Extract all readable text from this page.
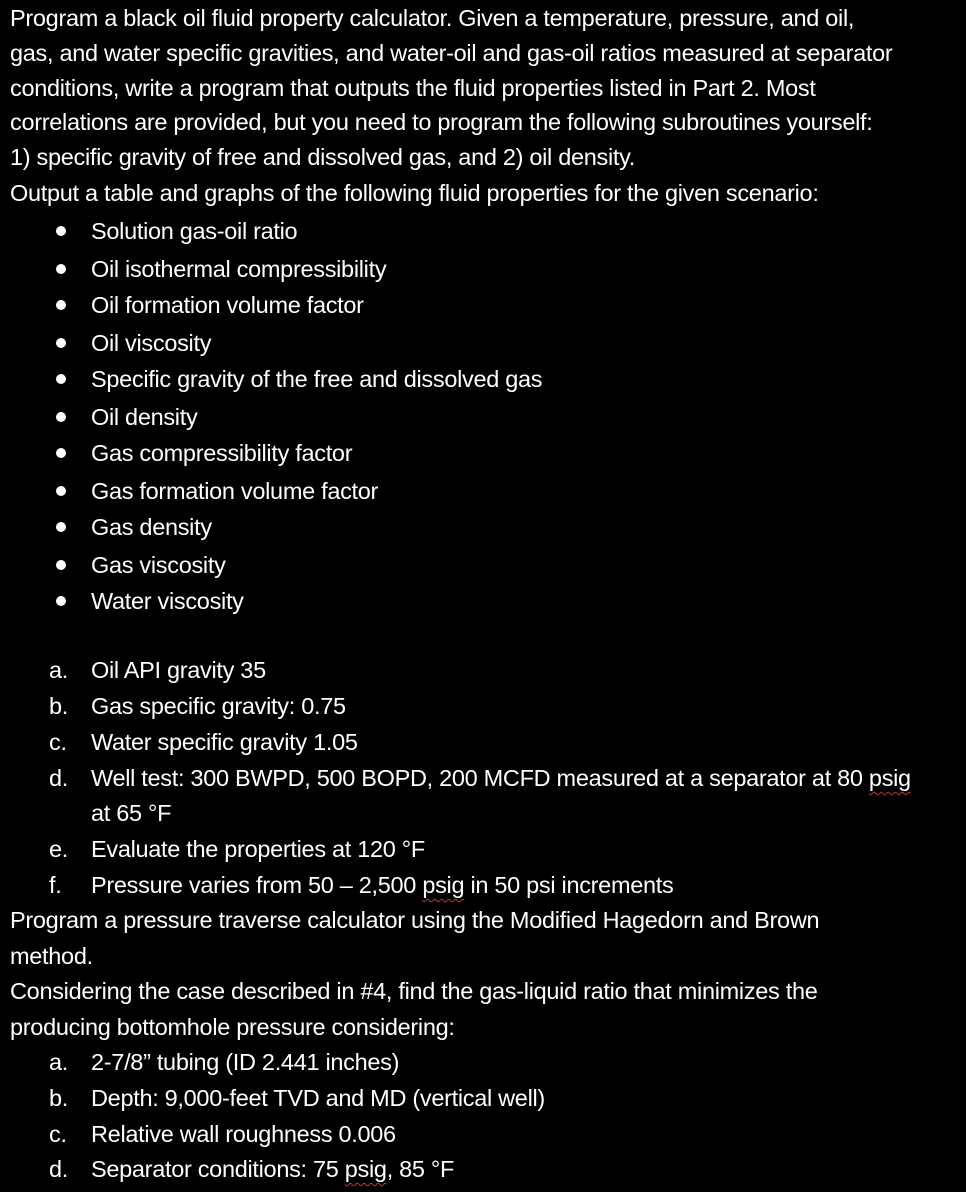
Program a black oil fluid property calculator. Given a temperature, pressure, and oil,
gas, and water specific gravities, and water-oil and gas-oil ratios measured at separator
conditions, write a program that outputs the fluid properties listed in Part 2. Most
correlations are provided, but you need to program the following subroutines yourself:
1) specific gravity of free and dissolved gas, and 2) oil density.
Output a table and graphs of the following fluid properties for the given scenario:
Solution gas-oil ratio
Oil isothermal compressibility
Oil formation volume factor
Oil viscosity
Specific gravity of the free and dissolved gas
Oil density
Gas compressibility factor
Gas formation volume factor
Gas density
Gas viscosity
Water viscosity
a. Oil API gravity 35
b. Gas specific gravity: 0.75
c. Water specific gravity 1.05
d. Well test: 300 BWPD, 500 BOPD, 200 MCFD measured at a separator at 80 psig
at 65 °F
e. Evaluate the properties at 120 °F
f. Pressure varies from 50 – 2,500 psig in 50 psi increments
Program a pressure traverse calculator using the Modified Hagedorn and Brown
method.
Considering the case described in #4, find the gas-liquid ratio that minimizes the
producing bottomhole pressure considering:
a. 2-7/8” tubing (ID 2.441 inches)
b. Depth: 9,000-feet TVD and MD (vertical well)
c. Relative wall roughness 0.006
d. Separator conditions: 75 psig, 85 °F
